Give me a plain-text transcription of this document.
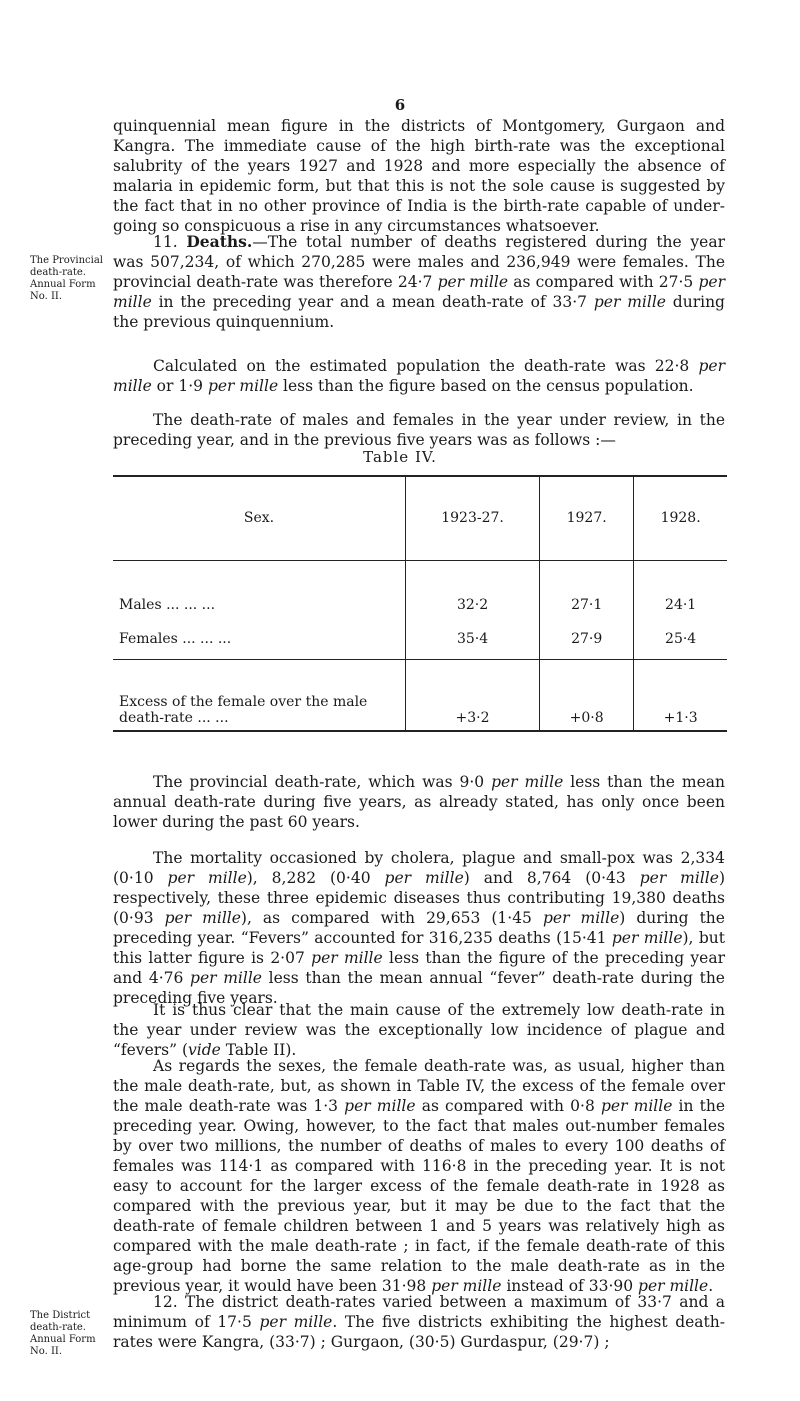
6

quinquennial mean figure in the districts of Montgomery, Gurgaon and Kangra. The immediate cause of the high birth-rate was the exceptional salubrity of the years 1927 and 1928 and more especially the absence of malaria in epidemic form, but that this is not the sole cause is suggested by the fact that in no other province of India is the birth-rate capable of under-going so conspicuous a rise in any circumstances whatsoever.

The Provincial death-rate. Annual Form No. II.

11. Deaths.—The total number of deaths registered during the year was 507,234, of which 270,285 were males and 236,949 were females. The provincial death-rate was therefore 24·7 per mille as compared with 27·5 per mille in the preceding year and a mean death-rate of 33·7 per mille during the previous quinquennium.

Calculated on the estimated population the death-rate was 22·8 per mille or 1·9 per mille less than the figure based on the census population.

The death-rate of males and females in the year under review, in the preceding year, and in the previous five years was as follows :—

Table IV.
Sex.	1923-27.	1927.	1928.
Males ... ... ...	32·2	27·1	24·1
Females ... ... ...	35·4	27·9	25·4
Excess of the female over the male death-rate ... ...	+3·2	+0·8	+1·3

The provincial death-rate, which was 9·0 per mille less than the mean annual death-rate during five years, as already stated, has only once been lower during the past 60 years.

The mortality occasioned by cholera, plague and small-pox was 2,334 (0·10 per mille), 8,282 (0·40 per mille) and 8,764 (0·43 per mille) respectively, these three epidemic diseases thus contributing 19,380 deaths (0·93 per mille), as compared with 29,653 (1·45 per mille) during the preceding year. “Fevers” accounted for 316,235 deaths (15·41 per mille), but this latter figure is 2·07 per mille less than the figure of the preceding year and 4·76 per mille less than the mean annual “fever” death-rate during the preceding five years.

It is thus clear that the main cause of the extremely low death-rate in the year under review was the exceptionally low incidence of plague and “fevers” (vide Table II).

As regards the sexes, the female death-rate was, as usual, higher than the male death-rate, but, as shown in Table IV, the excess of the female over the male death-rate was 1·3 per mille as compared with 0·8 per mille in the preceding year. Owing, however, to the fact that males out-number females by over two millions, the number of deaths of males to every 100 deaths of females was 114·1 as compared with 116·8 in the preceding year. It is not easy to account for the larger excess of the female death-rate in 1928 as compared with the previous year, but it may be due to the fact that the death-rate of female children between 1 and 5 years was relatively high as compared with the male death-rate ; in fact, if the female death-rate of this age-group had borne the same relation to the male death-rate as in the previous year, it would have been 31·98 per mille instead of 33·90 per mille.

The District death-rate. Annual Form No. II.

12. The district death-rates varied between a maximum of 33·7 and a minimum of 17·5 per mille. The five districts exhibiting the highest death-rates were Kangra, (33·7) ; Gurgaon, (30·5) Gurdaspur, (29·7) ;
